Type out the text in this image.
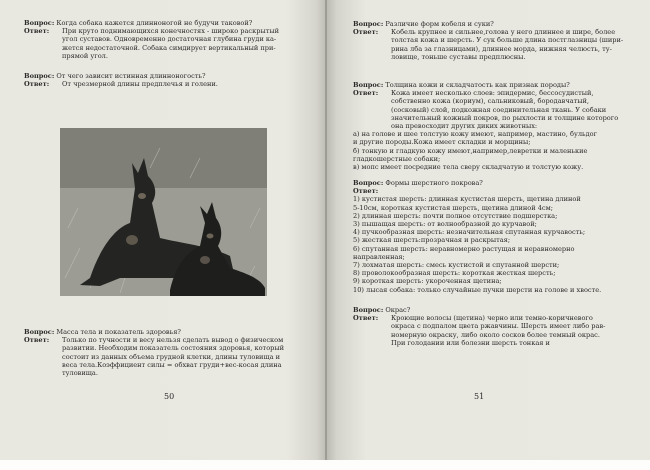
Вопрос:
Когда собака кажется длинноногой не будучи таковой?
Ответ:	При круто поднимающихся конечностях - широко раскрытый
угол суставов. Одновременно достаточная глубина груди ка-
жется недостаточной. Собака симдирует вертикальный при-
прямой угол.
Вопрос:
От чего зависит истинная длинноногость?
Ответ:	От чрезмерной длины предплечья и голени.
Вопрос:
Масса тела и показатель здоровья?
Ответ:	Только по тучности и весу нельзя сделать вывод о физическом
развитии. Необходим показатель состояния здоровья, который
состоит из данных объема грудной клетки, длины туловища и
веса тела.Коэффициент силы = обхват груди+вес-косая длина
туловища.
50
Вопрос:
Различие форм кобеля и суки?
Ответ:	Кобель крупнее и сильнее,голова у него длиннее и шире, более
толстая кожа и шерсть. У сук больше длина постглазницы (шири-
рина лба за глазницами), длиннее морда, нижняя челюсть, ту-
ловище, тоньше суставы предплюсны.
Вопрос:
Толщина кожи и складчатость как признак породы?
Ответ:	Кожа имеет несколько слоев: эпидермис, бессосудистый,
собственно кожа (кориум), сальниковый, бородавчатый,
(сосковый) слой, подкожная соединительная ткань. У собаки
значительный кожный покров, по рыхлости и толщине которого
она превосходит других диких животных:
а) на голове и шее толстую кожу имеют, например, мастино, бульдог
и другие породы.Кожа имеет складки и морщины;
б) тонкую и гладкую кожу имеют,например,левретки и маленькие
гладкошерстные собаки;
в) мопс имеет посредние тела сверу складчатую и толстую кожу.
Вопрос:
Формы шерстного покрова?
Ответ:
1) кустистая шерсть: длинная кустистая шерсть, щетина длиной
5-10см, короткая кустистая шерсть, щетина длиной 4см;
2) длинная шерсть: почти полное отсутствие подшерстка;
3) пышащая шерсть: от волнообразной до курчавой;
4) пучкообразная шерсть: незначительная спутанная курчавость;
5) жесткая шерсть:прозрачная и раскрытая;
6) спутанная шерсть: неравномерно растущая и неравномерно
направленная;
7) лохматая шерсть: смесь кустистой и спутанной шерсти;
8) проволокообразная шерсть: короткая жесткая шерсть;
9) короткая шерсть: укороченная щетина;
10) лысая собака: только случайные пучки шерсти на голове и хвосте.
Вопрос:
Окрас?
Ответ:	Кроющие волосы (щетина) черно или темно-коричневого
окраса с подпалом цвета ржавчины. Шерсть имеет либо рав-
номерную окраску, либо около сосков более темный окрас.
При голодании или болезни шерсть тонкая и
51
